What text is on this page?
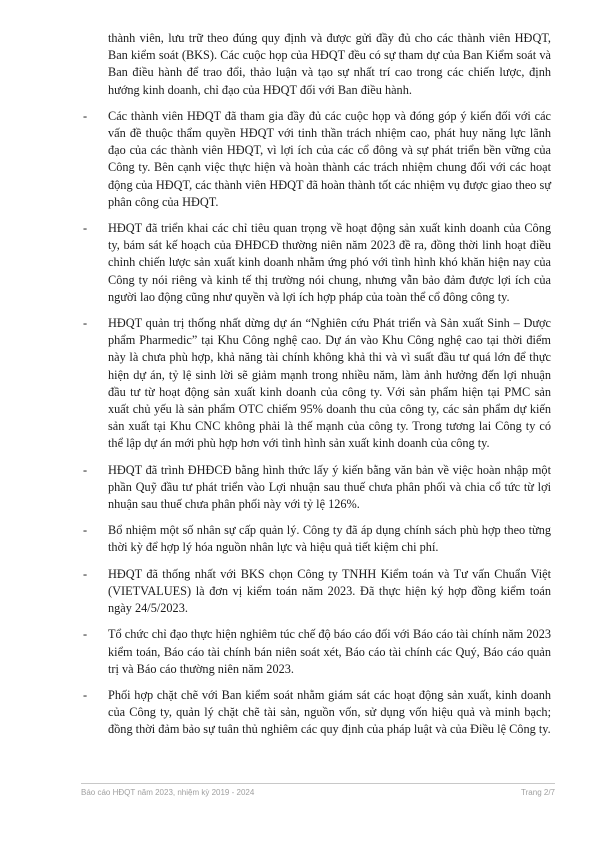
thành viên, lưu trữ theo đúng quy định và được gửi đầy đủ cho các thành viên HĐQT, Ban kiểm soát (BKS). Các cuộc họp của HĐQT đều có sự tham dự của Ban Kiểm soát và Ban điều hành để trao đổi, thảo luận và tạo sự nhất trí cao trong các chiến lược, định hướng kinh doanh, chỉ đạo của HĐQT đối với Ban điều hành.

- Các thành viên HĐQT đã tham gia đầy đủ các cuộc họp và đóng góp ý kiến đối với các vấn đề thuộc thẩm quyền HĐQT với tinh thần trách nhiệm cao, phát huy năng lực lãnh đạo của các thành viên HĐQT, vì lợi ích của các cổ đông và sự phát triển bền vững của Công ty. Bên cạnh việc thực hiện và hoàn thành các trách nhiệm chung đối với các hoạt động của HĐQT, các thành viên HĐQT đã hoàn thành tốt các nhiệm vụ được giao theo sự phân công của HĐQT.

- HĐQT đã triển khai các chỉ tiêu quan trọng về hoạt động sản xuất kinh doanh của Công ty, bám sát kế hoạch của ĐHĐCĐ thường niên năm 2023 đề ra, đồng thời linh hoạt điều chỉnh chiến lược sản xuất kinh doanh nhằm ứng phó với tình hình khó khăn hiện nay của Công ty nói riêng và kinh tế thị trường nói chung, nhưng vẫn bảo đảm được lợi ích của người lao động cũng như quyền và lợi ích hợp pháp của toàn thể cổ đông công ty.

- HĐQT quản trị thống nhất dừng dự án “Nghiên cứu Phát triển và Sản xuất Sinh – Dược phẩm Pharmedic” tại Khu Công nghệ cao. Dự án vào Khu Công nghệ cao tại thời điểm này là chưa phù hợp, khả năng tài chính không khả thi và vì suất đầu tư quá lớn để thực hiện dự án, tỷ lệ sinh lời sẽ giảm mạnh trong nhiều năm, làm ảnh hưởng đến lợi nhuận đầu tư từ hoạt động sản xuất kinh doanh của công ty. Với sản phẩm hiện tại PMC sản xuất chủ yếu là sản phẩm OTC chiếm 95% doanh thu của công ty, các sản phẩm dự kiến sản xuất tại Khu CNC không phải là thế mạnh của công ty. Trong tương lai Công ty có thể lập dự án mới phù hợp hơn với tình hình sản xuất kinh doanh của công ty.

- HĐQT đã trình ĐHĐCĐ bằng hình thức lấy ý kiến bằng văn bản về việc hoàn nhập một phần Quỹ đầu tư phát triển vào Lợi nhuận sau thuế chưa phân phối và chia cổ tức từ lợi nhuận sau thuế chưa phân phối này với tỷ lệ 126%.

- Bổ nhiệm một số nhân sự cấp quản lý. Công ty đã áp dụng chính sách phù hợp theo từng thời kỳ để hợp lý hóa nguồn nhân lực và hiệu quả tiết kiệm chi phí.

- HĐQT đã thống nhất với BKS chọn Công ty TNHH Kiểm toán và Tư vấn Chuẩn Việt (VIETVALUES) là đơn vị kiểm toán năm 2023. Đã thực hiện ký hợp đồng kiểm toán ngày 24/5/2023.

- Tổ chức chỉ đạo thực hiện nghiêm túc chế độ báo cáo đối với Báo cáo tài chính năm 2023 kiểm toán, Báo cáo tài chính bán niên soát xét, Báo cáo tài chính các Quý, Báo cáo quản trị và Báo cáo thường niên năm 2023.

- Phối hợp chặt chẽ với Ban kiểm soát nhằm giám sát các hoạt động sản xuất, kinh doanh của Công ty, quản lý chặt chẽ tài sản, nguồn vốn, sử dụng vốn hiệu quả và minh bạch; đồng thời đảm bảo sự tuân thủ nghiêm các quy định của pháp luật và của Điều lệ Công ty.

Báo cáo HĐQT năm 2023, nhiệm kỳ 2019 - 2024	Trang 2/7
